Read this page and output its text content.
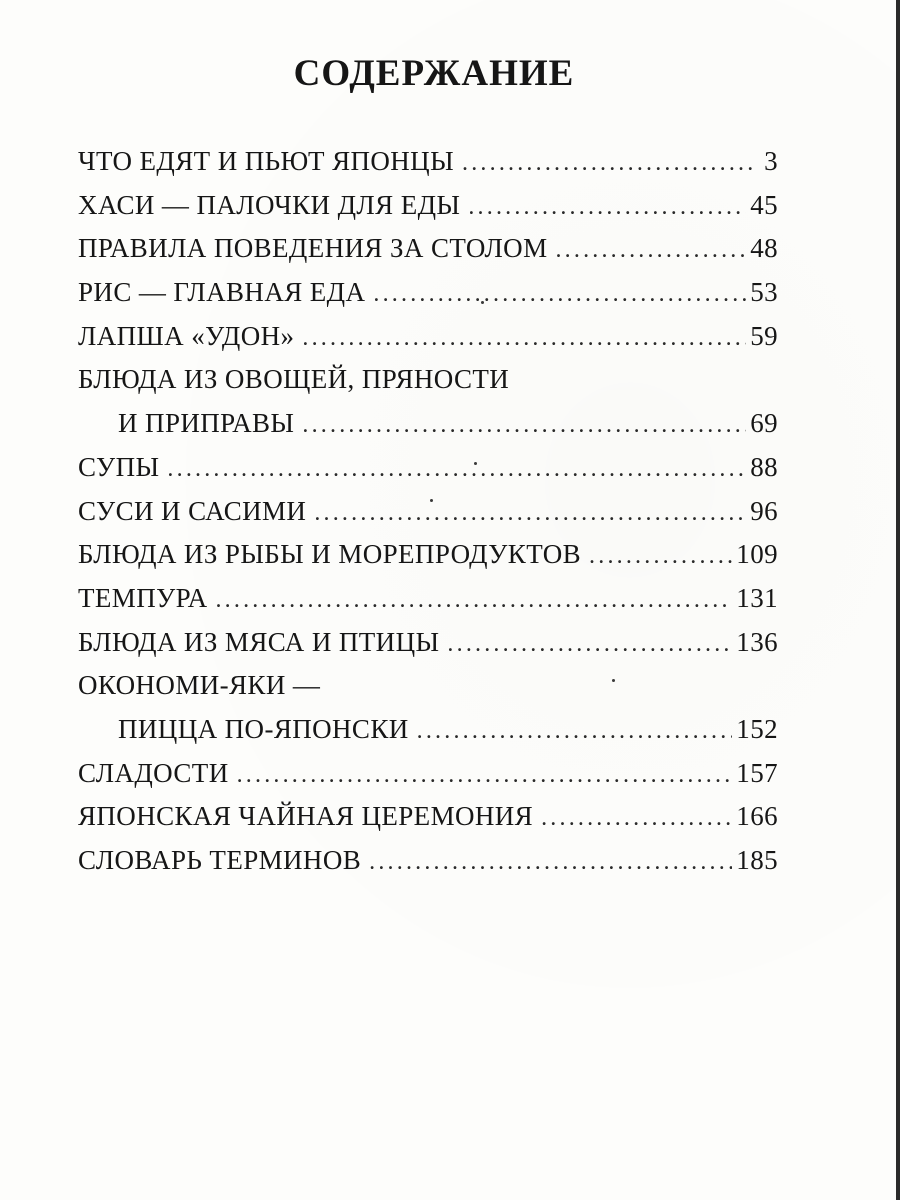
СОДЕРЖАНИЕ
ЧТО ЕДЯТ И ПЬЮТ ЯПОНЦЫ . . .	3
ХАСИ — ПАЛОЧКИ ДЛЯ ЕДЫ . . .	45
ПРАВИЛА ПОВЕДЕНИЯ ЗА СТОЛОМ . . .	48
РИС — ГЛАВНАЯ ЕДА . . .	53
ЛАПША «УДОН» . . .	59
БЛЮДА ИЗ ОВОЩЕЙ, ПРЯНОСТИ
И ПРИПРАВЫ . . .	69
СУПЫ . . .	88
СУСИ И САСИМИ . . .	96
БЛЮДА ИЗ РЫБЫ И МОРЕПРОДУКТОВ . . .	109
ТЕМПУРА . . .	131
БЛЮДА ИЗ МЯСА И ПТИЦЫ . . .	136
ОКОНОМИ-ЯКИ —
ПИЦЦА ПО-ЯПОНСКИ . . .	152
СЛАДОСТИ . . .	157
ЯПОНСКАЯ ЧАЙНАЯ ЦЕРЕМОНИЯ . . .	166
СЛОВАРЬ ТЕРМИНОВ . . .	185
